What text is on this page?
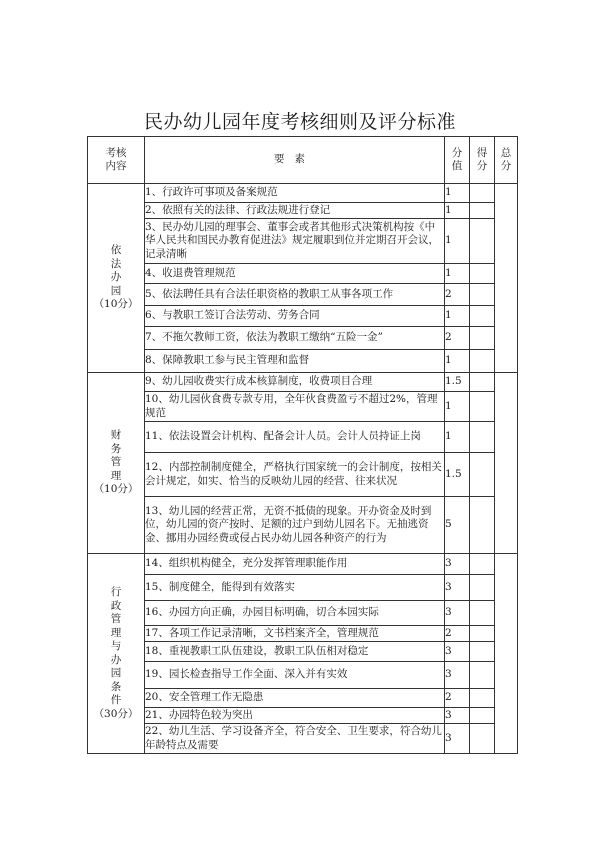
民办幼儿园年度考核细则及评分标准
考核内容	要素	分值	得分	总分
依法办园
（10分）	1、行政许可事项及备案规范	1		
	2、依照有关的法律、行政法规进行登记	1		
	3、民办幼儿园的理事会、董事会或者其他形式决策机构按《中华人民共和国民办教育促进法》规定履职到位并定期召开会议，记录清晰	1		
	4、收退费管理规范	1		
	5、依法聘任具有合法任职资格的教职工从事各项工作	2		
	6、与教职工签订合法劳动、劳务合同	1		
	7、不拖欠教师工资，依法为教职工缴纳“五险一金”	2		
	8、保障教职工参与民主管理和监督	1		
财务管理
（10分）	9、幼儿园收费实行成本核算制度，收费项目合理	1.5		
	10、幼儿园伙食费专款专用，全年伙食费盈亏不超过2%，管理规范	1		
	11、依法设置会计机构、配备会计人员。会计人员持证上岗	1		
	12、内部控制制度健全，严格执行国家统一的会计制度，按相关会计规定，如实、恰当的反映幼儿园的经营、往来状况	1.5		
	13、幼儿园的经营正常，无资不抵债的现象。开办资金及时到位，幼儿园的资产按时、足额的过户到幼儿园名下。无抽逃资金、挪用办园经费或侵占民办幼儿园各种资产的行为	5		
行政管理与办园条件
（30分）	14、组织机构健全，充分发挥管理职能作用	3		
	15、制度健全，能得到有效落实	3		
	16、办园方向正确，办园目标明确，切合本园实际	3		
	17、各项工作记录清晰，文书档案齐全，管理规范	2		
	18、重视教职工队伍建设，教职工队伍相对稳定	3		
	19、园长检查指导工作全面、深入并有实效	3		
	20、安全管理工作无隐患	2		
	21、办园特色较为突出	3		
	22、幼儿生活、学习设备齐全，符合安全、卫生要求，符合幼儿年龄特点及需要	3		
